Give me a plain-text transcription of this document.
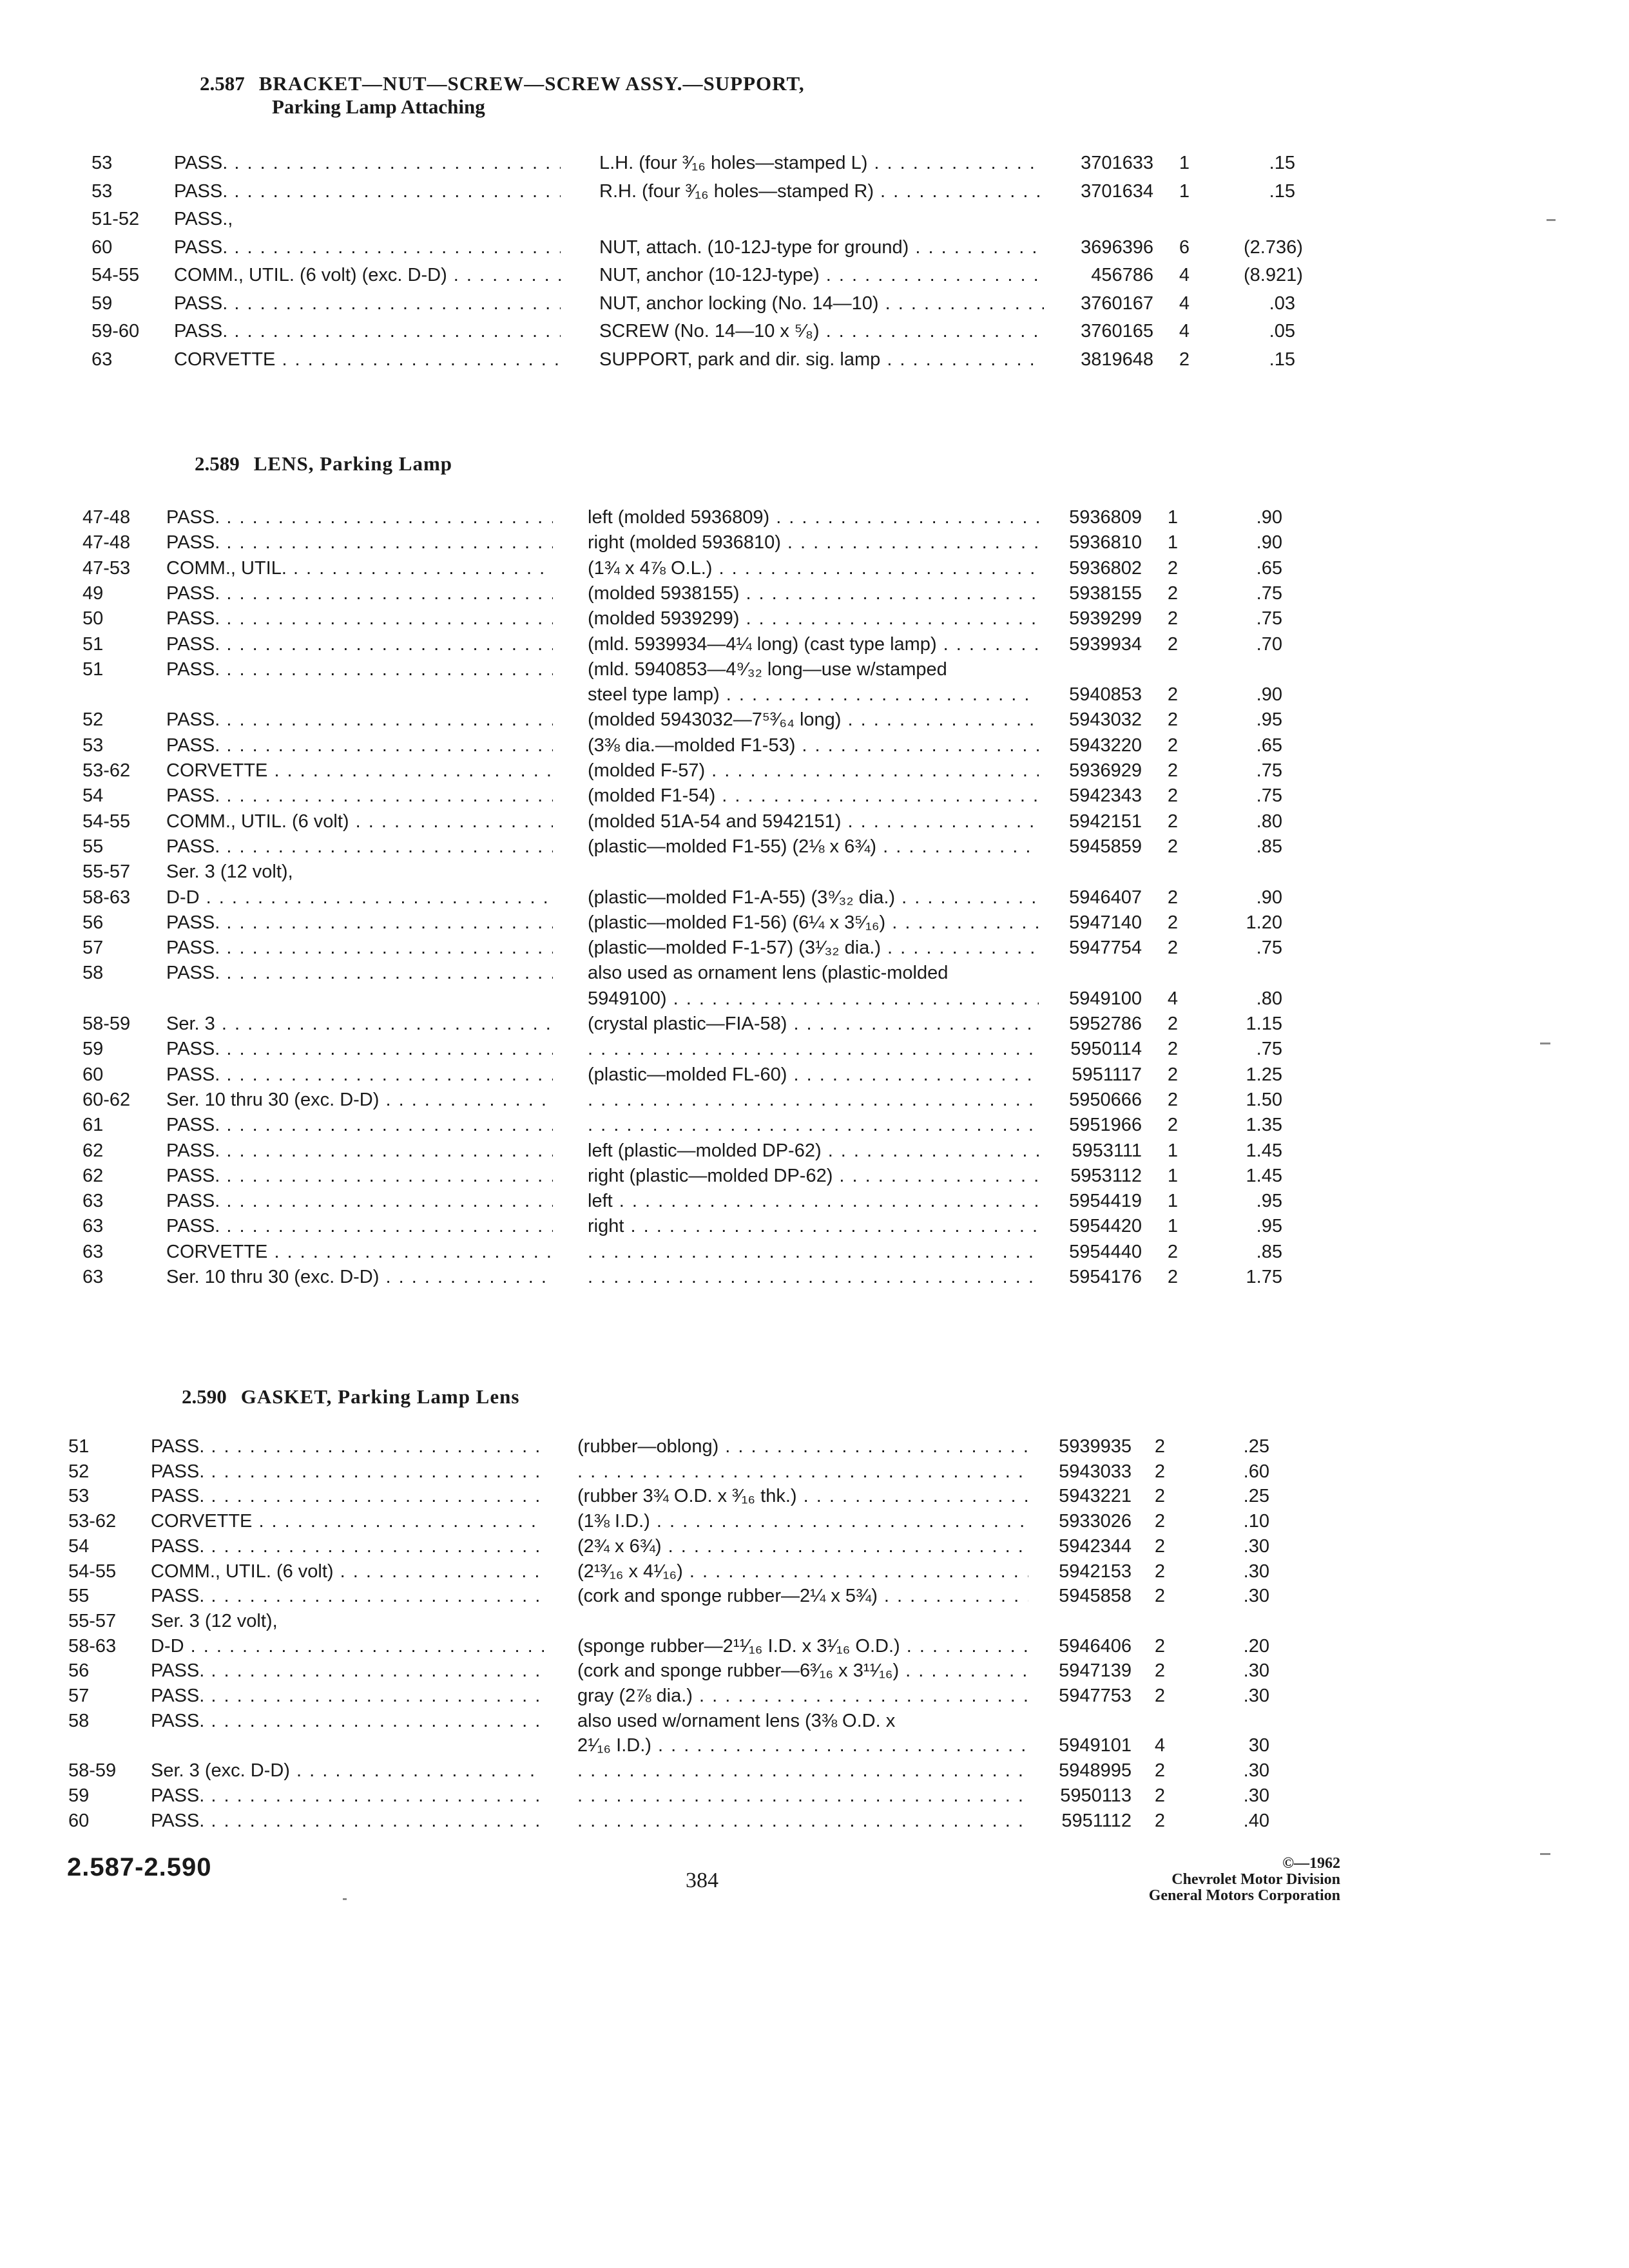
2.587 BRACKET—NUT—SCREW—SCREW ASSY.—SUPPORT,
Parking Lamp Attaching
2.589 LENS, Parking Lamp
2.590 GASKET, Parking Lamp Lens
53	PASS. . . .	L.H. (four ³⁄₁₆ holes—stamped L) . . .	3701633	1	.15
53	PASS. . . .	R.H. (four ³⁄₁₆ holes—stamped R) . . .	3701634	1	.15
51-52 PASS.,
60	PASS. . . .	NUT, attach. (10-12J-type for ground) . . .	3696396	6	(2.736)
54-55 COMM., UTIL. (6 volt) (exc. D-D) . . .	NUT, anchor (10-12J-type) . . .	456786	4	(8.921)
59	PASS. . . .	NUT, anchor locking (No. 14—10) . . .	3760167	4	.03
59-60 PASS. . . .	SCREW (No. 14—10 x ⁵⁄₈) . . .	3760165	4	.05
63	CORVETTE . . .	SUPPORT, park and dir. sig. lamp . . .	3819648	2	.15
47-48 PASS. . . .	left (molded 5936809) . . .	5936809	1	.90
47-48 PASS. . . .	right (molded 5936810) . . .	5936810	1	.90
47-53 COMM., UTIL. . . .	(1¾ x 4⅞ O.L.) . . .	5936802	2	.65
49	PASS. . . .	(molded 5938155) . . .	5938155	2	.75
50	PASS. . . .	(molded 5939299) . . .	5939299	2	.75
51	PASS. . . .	(mld. 5939934—4¼ long) (cast type lamp) . . .	5939934	2	.70
51	PASS. . . .	(mld. 5940853—4⁹⁄₃₂ long—use w/stamped
steel type lamp) . . .	5940853	2	.90
52	PASS. . . .	(molded 5943032—7⁵³⁄₆₄ long) . . .	5943032	2	.95
53	PASS. . . .	(3⅜ dia.—molded F1-53) . . .	5943220	2	.65
53-62 CORVETTE . . .	(molded F-57) . . .	5936929	2	.75
54	PASS. . . .	(molded F1-54) . . .	5942343	2	.75
54-55 COMM., UTIL. (6 volt) . . .	(molded 51A-54 and 5942151) . . .	5942151	2	.80
55	PASS. . . .	(plastic—molded F1-55) (2⅛ x 6¾) . . .	5945859	2	.85
55-57 Ser. 3 (12 volt),
58-63 D-D . . .	(plastic—molded F1-A-55) (3⁹⁄₃₂ dia.) . . .	5946407	2	.90
56	PASS. . . .	(plastic—molded F1-56) (6¼ x 3⁵⁄₁₆) . . .	5947140	2	1.20
57	PASS. . . .	(plastic—molded F-1-57) (3¹⁄₃₂ dia.) . . .	5947754	2	.75
58	PASS. . . .	also used as ornament lens (plastic-molded
5949100) . . .	5949100	4	.80
58-59 Ser. 3 . . .	(crystal plastic—FIA-58) . . .	5952786	2	1.15
59	PASS. . . . . . .	5950114	2	.75
60	PASS. . . .	(plastic—molded FL-60) . . .	5951117	2	1.25
60-62 Ser. 10 thru 30 (exc. D-D) . . . . . .	5950666	2	1.50
61	PASS. . . . . . .	5951966	2	1.35
62	PASS. . . .	left (plastic—molded DP-62) . . .	5953111	1	1.45
62	PASS. . . .	right (plastic—molded DP-62) . . .	5953112	1	1.45
63	PASS. . . .	left . . .	5954419	1	.95
63	PASS. . . .	right . . .	5954420	1	.95
63	CORVETTE . . . . . .	5954440	2	.85
63	Ser. 10 thru 30 (exc. D-D) . . . . . .	5954176	2	1.75
51	PASS. . . .	(rubber—oblong) . . .	5939935	2	.25
52	PASS. . . . . . .	5943033	2	.60
53	PASS. . . .	(rubber 3¾ O.D. x ³⁄₁₆ thk.) . . .	5943221	2	.25
53-62 CORVETTE . . .	(1⅜ I.D.) . . .	5933026	2	.10
54	PASS. . . .	(2¾ x 6¾) . . .	5942344	2	.30
54-55 COMM., UTIL. (6 volt) . . .	(2¹³⁄₁₆ x 4¹⁄₁₆) . . .	5942153	2	.30
55	PASS. . . .	(cork and sponge rubber—2¼ x 5¾) . . .	5945858	2	.30
55-57 Ser. 3 (12 volt),
58-63 D-D . . .	(sponge rubber—2¹¹⁄₁₆ I.D. x 3¹⁄₁₆ O.D.) . . .	5946406	2	.20
56	PASS. . . .	(cork and sponge rubber—6³⁄₁₆ x 3¹¹⁄₁₆) . . .	5947139	2	.30
57	PASS. . . .	gray (2⅞ dia.) . . .	5947753	2	.30
58	PASS. . . .	also used w/ornament lens (3⅜ O.D. x
2¹⁄₁₆ I.D.) . . .	5949101	4	30
58-59 Ser. 3 (exc. D-D) . . . . . .	5948995	2	.30
59	PASS. . . . . . .	5950113	2	.30
60	PASS. . . . . . .	5951112	2	.40
2.587-2.590	384
©—1962
Chevrolet Motor Division
General Motors Corporation
